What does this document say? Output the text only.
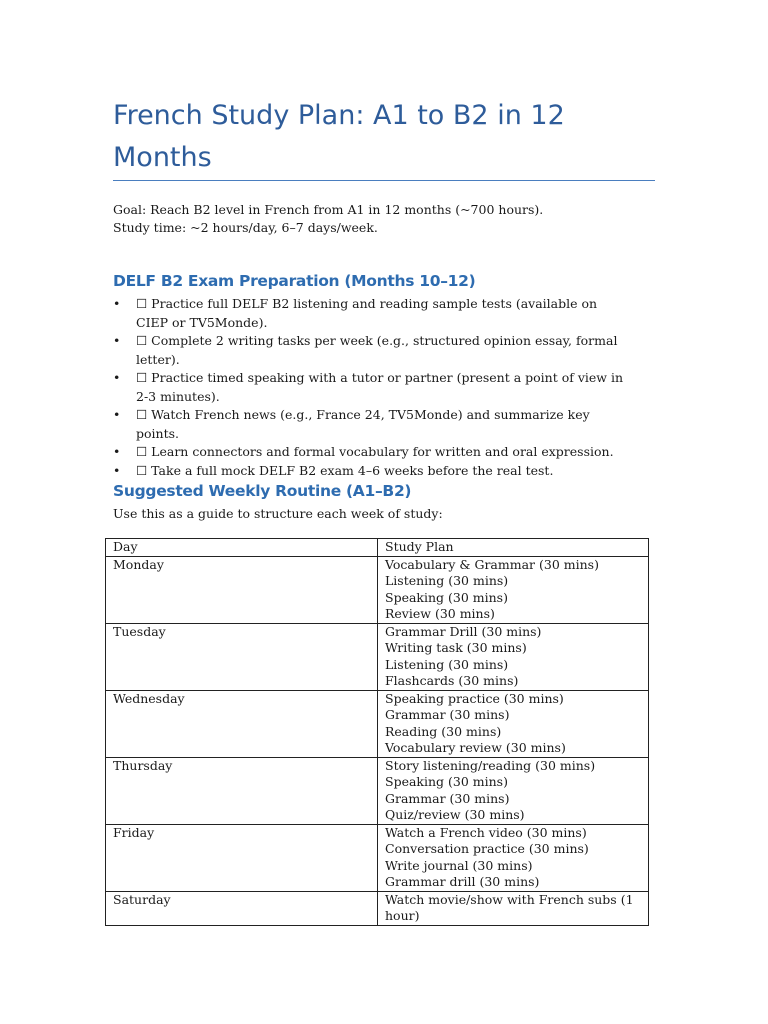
French Study Plan: A1 to B2 in 12 Months

Goal: Reach B2 level in French from A1 in 12 months (~700 hours).
Study time: ~2 hours/day, 6–7 days/week.

DELF B2 Exam Preparation (Months 10–12)
• ☐ Practice full DELF B2 listening and reading sample tests (available on CIEP or TV5Monde).
• ☐ Complete 2 writing tasks per week (e.g., structured opinion essay, formal letter).
• ☐ Practice timed speaking with a tutor or partner (present a point of view in 2-3 minutes).
• ☐ Watch French news (e.g., France 24, TV5Monde) and summarize key points.
• ☐ Learn connectors and formal vocabulary for written and oral expression.
• ☐ Take a full mock DELF B2 exam 4–6 weeks before the real test.
Suggested Weekly Routine (A1–B2)

Use this as a guide to structure each week of study:

Day	Study Plan
Monday	Vocabulary & Grammar (30 mins)
Listening (30 mins)
Speaking (30 mins)
Review (30 mins)

Tuesday	Grammar Drill (30 mins)
Writing task (30 mins)
Listening (30 mins)
Flashcards (30 mins)

Wednesday	Speaking practice (30 mins)
Grammar (30 mins)
Reading (30 mins)
Vocabulary review (30 mins)

Thursday	Story listening/reading (30 mins)
Speaking (30 mins)
Grammar (30 mins)
Quiz/review (30 mins)

Friday	Watch a French video (30 mins)
Conversation practice (30 mins)
Write journal (30 mins)
Grammar drill (30 mins)

Saturday	Watch movie/show with French subs (1 hour)
